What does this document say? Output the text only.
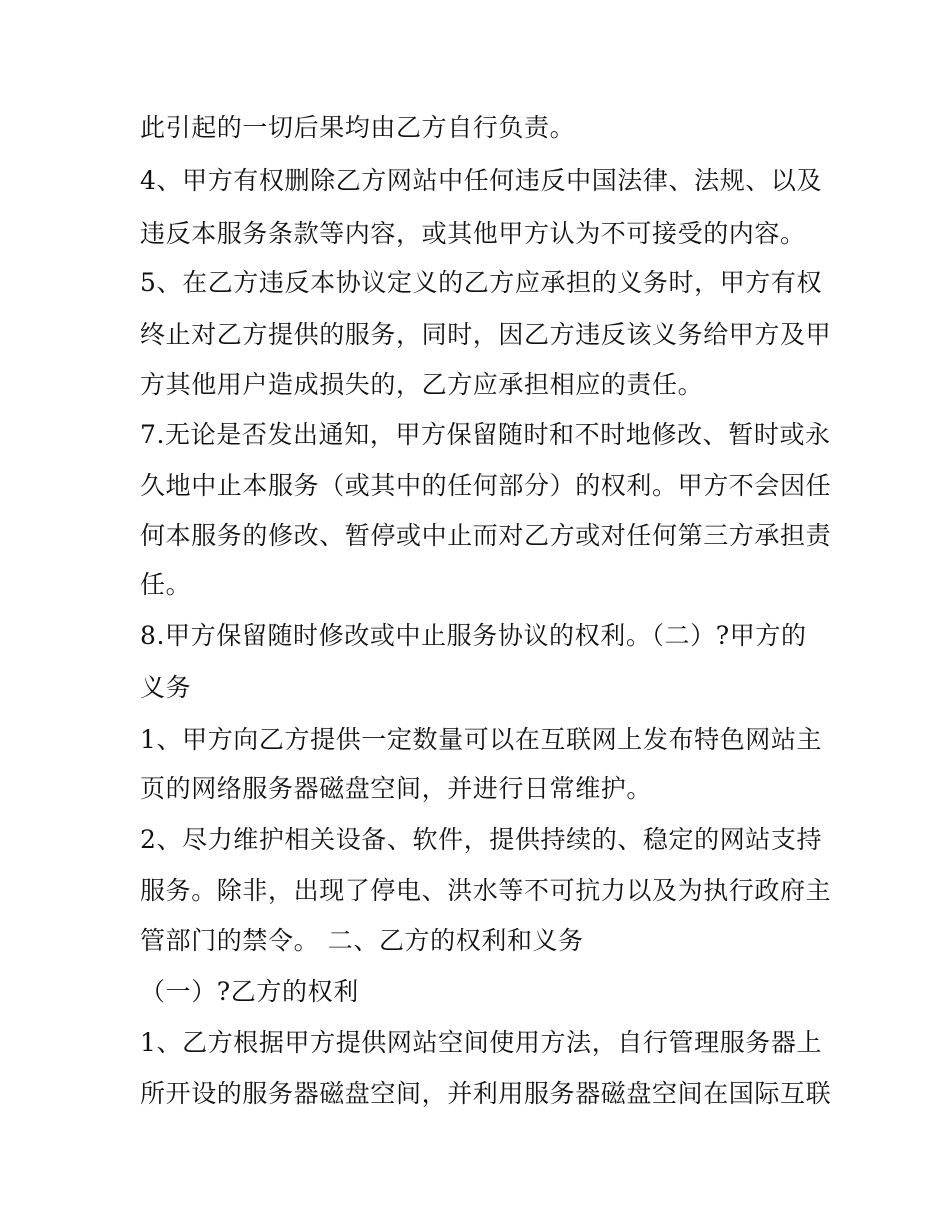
此引起的一切后果均由乙方自行负责。
4、甲方有权删除乙方网站中任何违反中国法律、法规、以及
违反本服务条款等内容，或其他甲方认为不可接受的内容。
5、在乙方违反本协议定义的乙方应承担的义务时，甲方有权
终止对乙方提供的服务，同时，因乙方违反该义务给甲方及甲
方其他用户造成损失的，乙方应承担相应的责任。
7.无论是否发出通知，甲方保留随时和不时地修改、暂时或永
久地中止本服务（或其中的任何部分）的权利。甲方不会因任
何本服务的修改、暂停或中止而对乙方或对任何第三方承担责
任。
8.甲方保留随时修改或中止服务协议的权利。（二）?甲方的
义务
1、甲方向乙方提供一定数量可以在互联网上发布特色网站主
页的网络服务器磁盘空间，并进行日常维护。
2、尽力维护相关设备、软件，提供持续的、稳定的网站支持
服务。除非，出现了停电、洪水等不可抗力以及为执行政府主
管部门的禁令。 二、乙方的权利和义务
（一）?乙方的权利
1、乙方根据甲方提供网站空间使用方法，自行管理服务器上
所开设的服务器磁盘空间，并利用服务器磁盘空间在国际互联
